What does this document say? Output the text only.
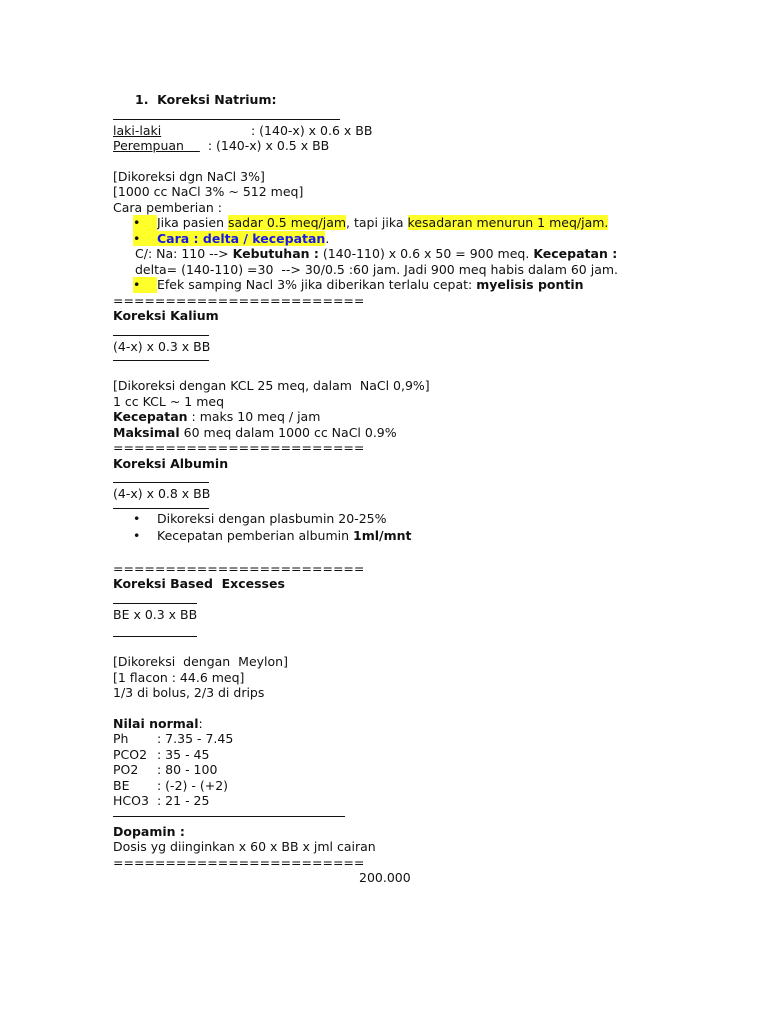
1.  Koreksi Natrium:
laki-laki	: (140-x) x 0.6 x BB
Perempuan      : (140-x) x 0.5 x BB
[Dikoreksi dgn NaCl 3%]
[1000 cc NaCl 3% ~ 512 meq]
Cara pemberian :
•	Jika pasien sadar 0.5 meq/jam, tapi jika kesadaran menurun 1 meq/jam.
•	Cara : delta / kecepatan.
C/: Na: 110 --> Kebutuhan : (140-110) x 0.6 x 50 = 900 meq. Kecepatan :
delta= (140-110) =30  --> 30/0.5 :60 jam. Jadi 900 meq habis dalam 60 jam.
•	Efek samping Nacl 3% jika diberikan terlalu cepat: myelisis pontin
========================
Koreksi Kalium
(4-x) x 0.3 x BB
[Dikoreksi dengan KCL 25 meq, dalam  NaCl 0,9%]
1 cc KCL ~ 1 meq
Kecepatan : maks 10 meq / jam
Maksimal 60 meq dalam 1000 cc NaCl 0.9%
========================
Koreksi Albumin
(4-x) x 0.8 x BB
•	Dikoreksi dengan plasbumin 20-25%
•	Kecepatan pemberian albumin 1ml/mnt
========================
Koreksi Based  Excesses
BE x 0.3 x BB
[Dikoreksi  dengan  Meylon]
[1 flacon : 44.6 meq]
1/3 di bolus, 2/3 di drips
Nilai normal:
Ph : 7.35 - 7.45
PCO2 : 35 - 45
PO2 : 80 - 100
BE : (-2) - (+2)
HCO3 : 21 - 25
Dopamin :
Dosis yg diinginkan x 60 x BB x jml cairan
========================
200.000
